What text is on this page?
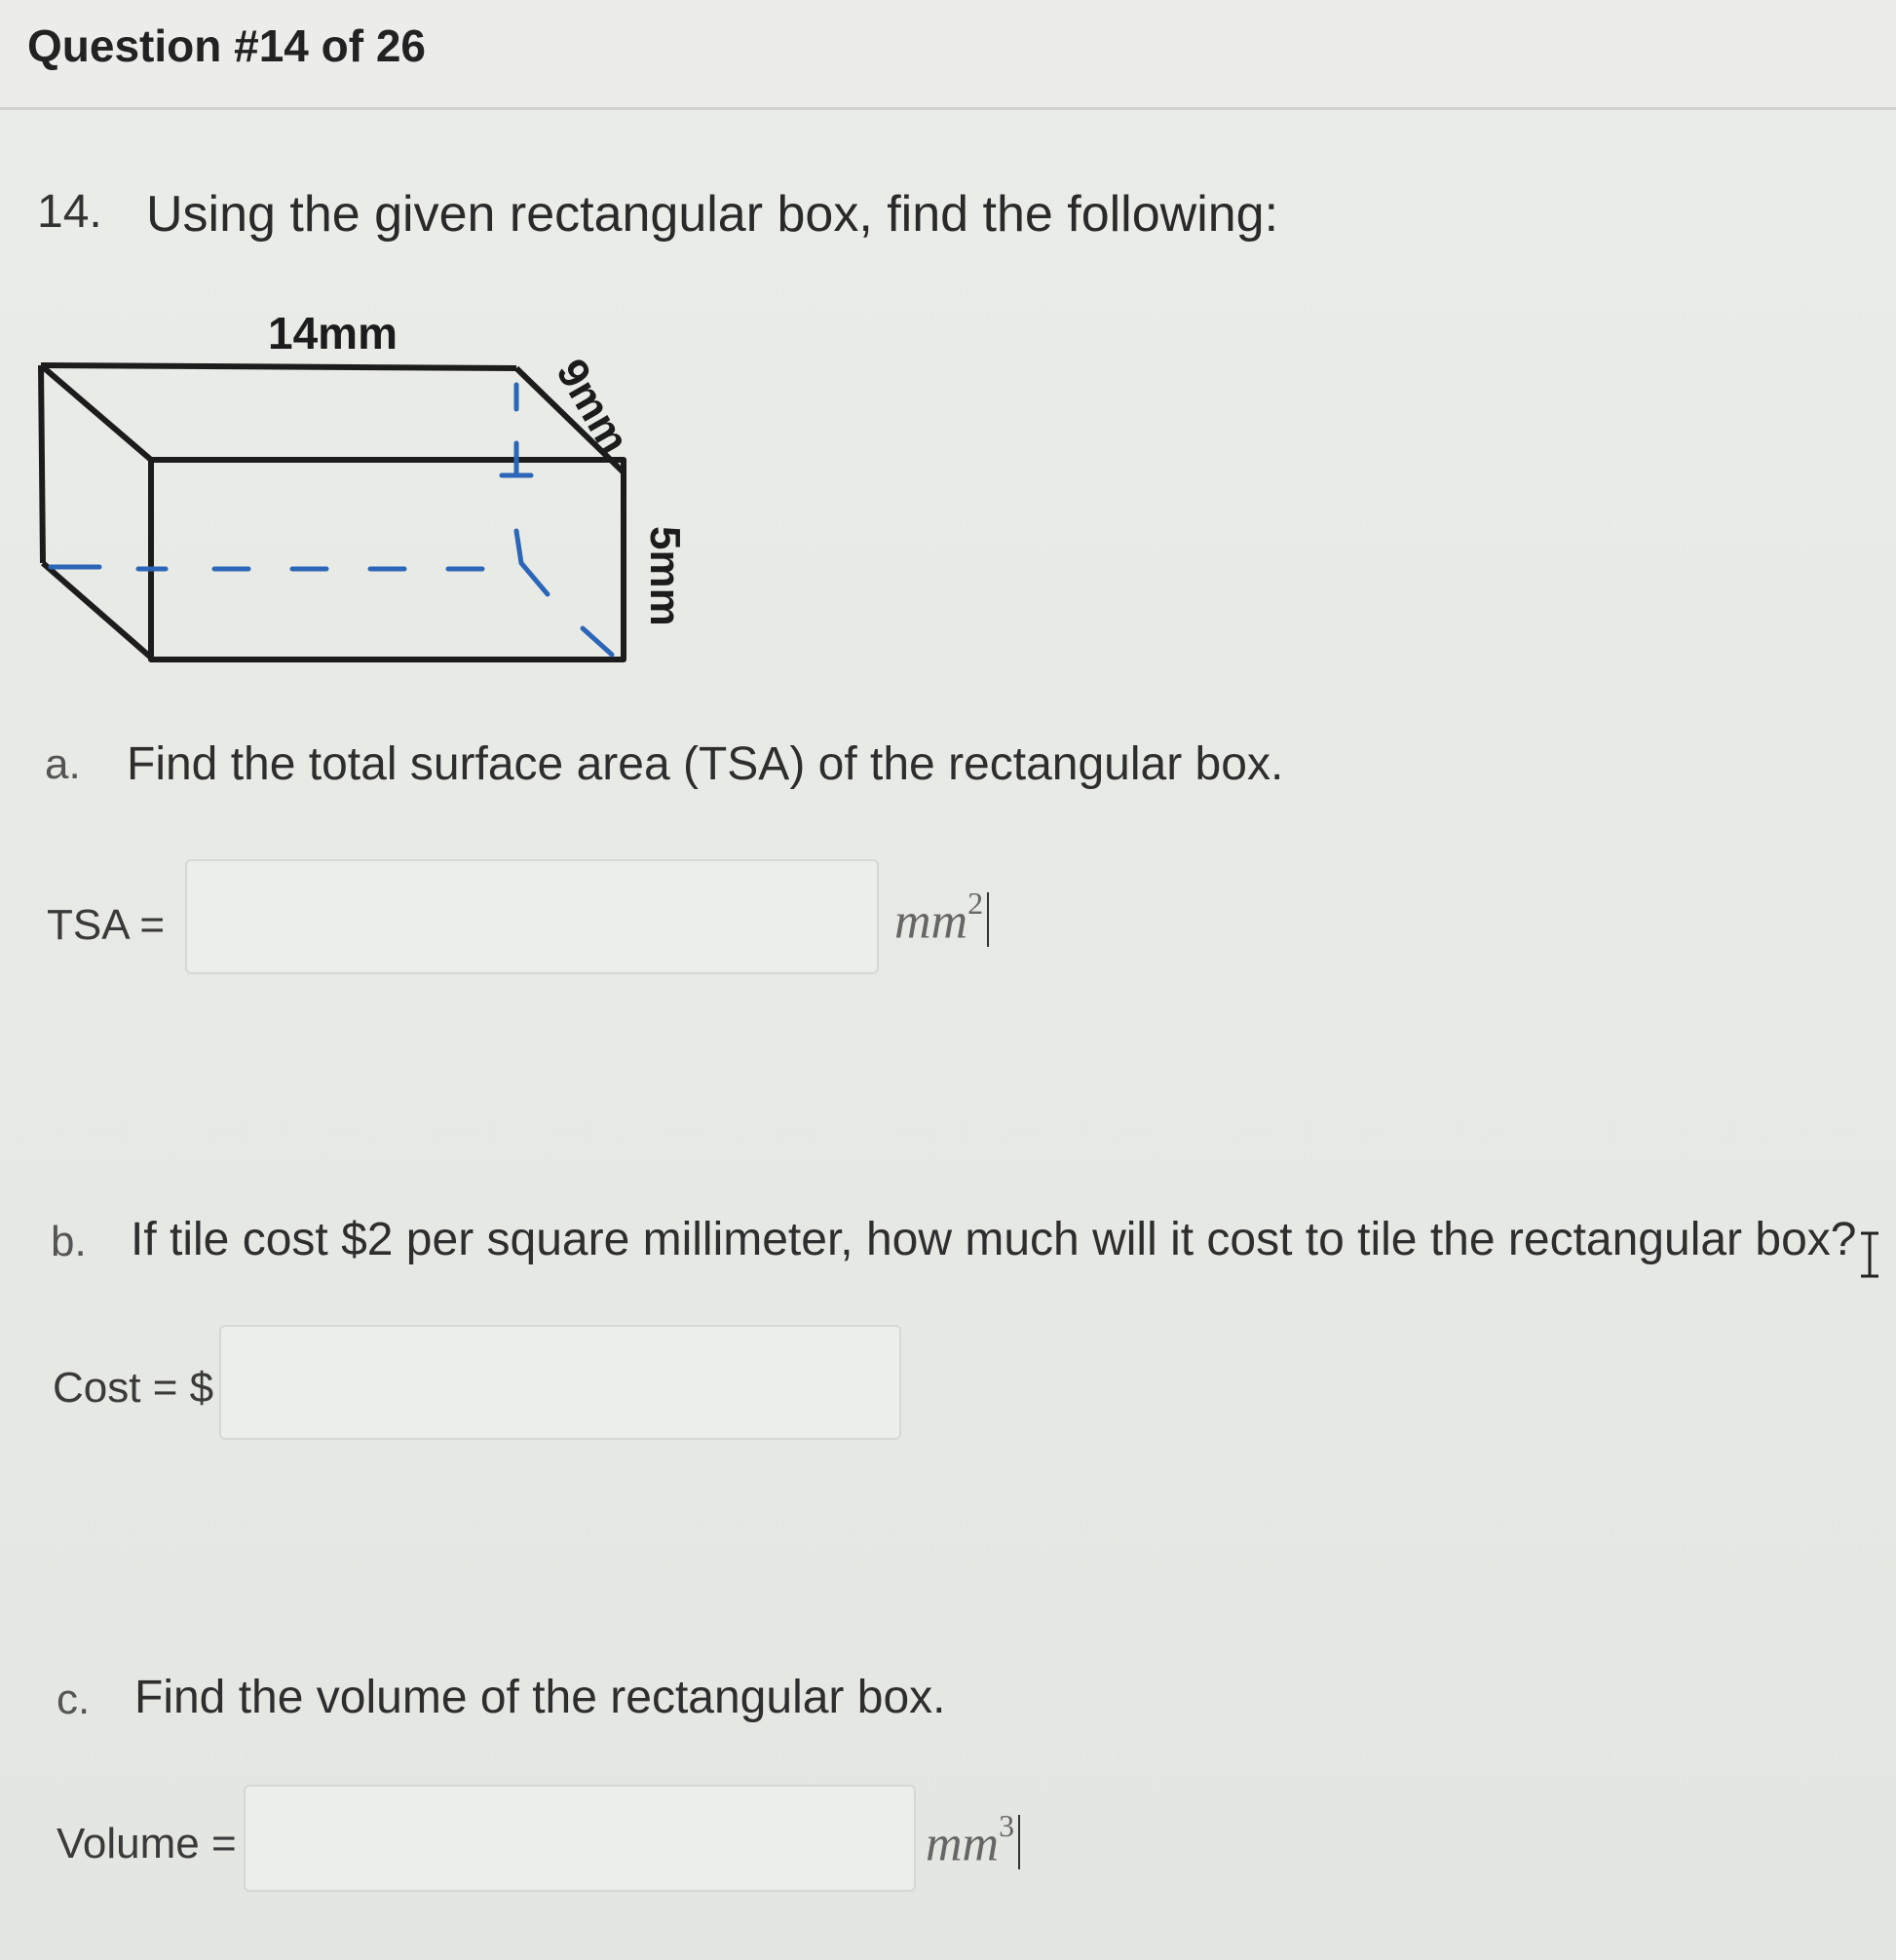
Question #14 of 26
14. Using the given rectangular box, find the following:
14mm
9mm
5mm
a. Find the total surface area (TSA) of the rectangular box.
TSA =	$mm^2$
b. If tile cost $2 per square millimeter, how much will it cost to tile the rectangular box?
Cost = $
c. Find the volume of the rectangular box.
Volume =	$mm^3$
